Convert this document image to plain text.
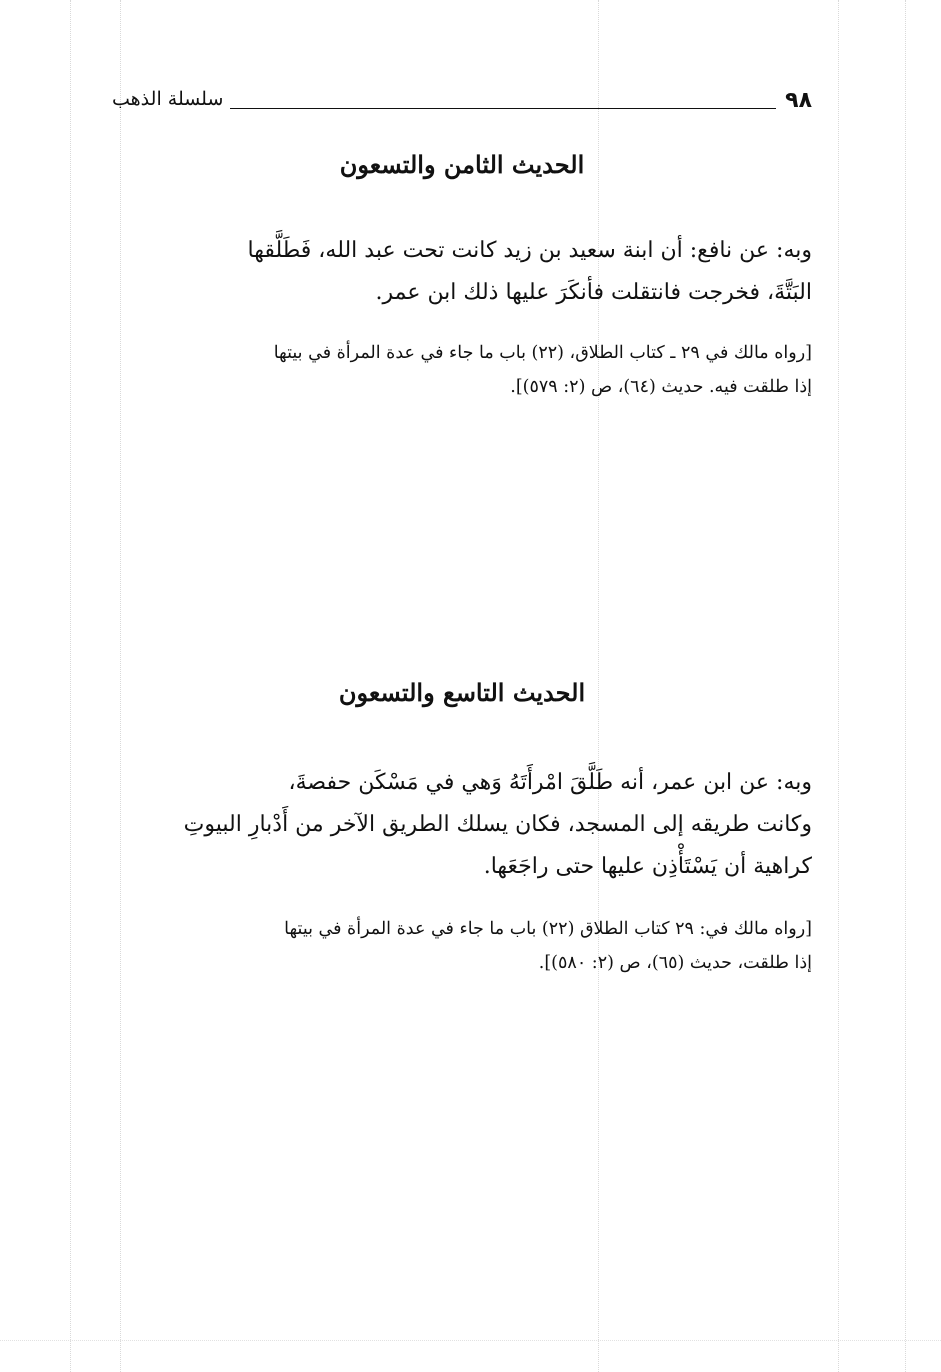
٩٨
سلسلة الذهب
الحديث الثامن والتسعون
وبه: عن نافع: أن ابنة سعيد بن زيد كانت تحت عبد الله، فَطَلَّقها
البَتَّةَ، فخرجت فانتقلت فأنكَرَ عليها ذلك ابن عمر.
[رواه مالك في ٢٩ ـ كتاب الطلاق، (٢٢) باب ما جاء في عدة المرأة في بيتها
إذا طلقت فيه. حديث (٦٤)، ص (٢: ٥٧٩)].
الحديث التاسع والتسعون
وبه: عن ابن عمر، أنه طَلَّقَ امْرأَتَهُ وَهي في مَسْكَن حفصةَ،
وكانت طريقه إلى المسجد، فكان يسلك الطريق الآخر من أَدْبارِ البيوتِ
كراهية أن يَسْتَأْذِن عليها حتى راجَعَها.
[رواه مالك في: ٢٩ كتاب الطلاق (٢٢) باب ما جاء في عدة المرأة في بيتها
إذا طلقت، حديث (٦٥)، ص (٢: ٥٨٠)].
